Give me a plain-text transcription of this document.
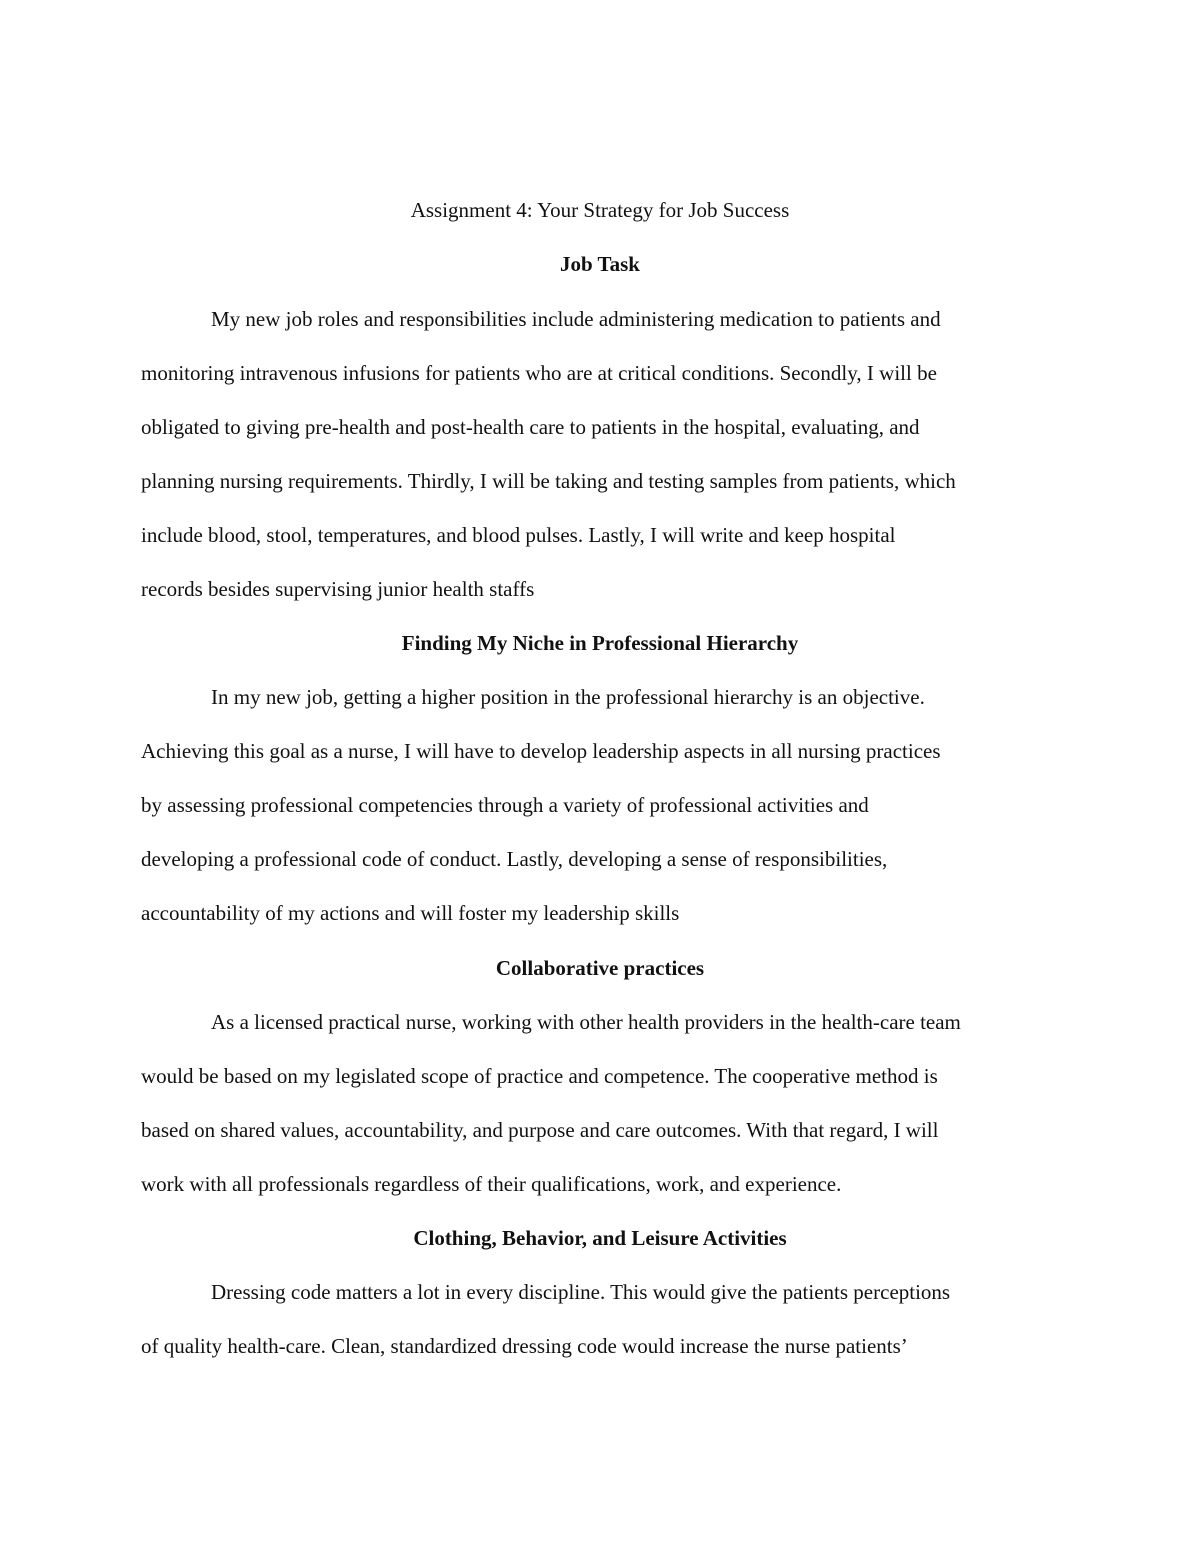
Assignment 4: Your Strategy for Job Success
Job Task
My new job roles and responsibilities include administering medication to patients and
monitoring intravenous infusions for patients who are at critical conditions. Secondly, I will be
obligated to giving pre-health and post-health care to patients in the hospital, evaluating, and
planning nursing requirements. Thirdly, I will be taking and testing samples from patients, which
include blood, stool, temperatures, and blood pulses. Lastly, I will write and keep hospital
records besides supervising junior health staffs
Finding My Niche in Professional Hierarchy
In my new job, getting a higher position in the professional hierarchy is an objective.
Achieving this goal as a nurse, I will have to develop leadership aspects in all nursing practices
by assessing professional competencies through a variety of professional activities and
developing a professional code of conduct. Lastly, developing a sense of responsibilities,
accountability of my actions and will foster my leadership skills
Collaborative practices
As a licensed practical nurse, working with other health providers in the health-care team
would be based on my legislated scope of practice and competence. The cooperative method is
based on shared values, accountability, and purpose and care outcomes. With that regard, I will
work with all professionals regardless of their qualifications, work, and experience.
Clothing, Behavior, and Leisure Activities
Dressing code matters a lot in every discipline. This would give the patients perceptions
of quality health-care. Clean, standardized dressing code would increase the nurse patients’
